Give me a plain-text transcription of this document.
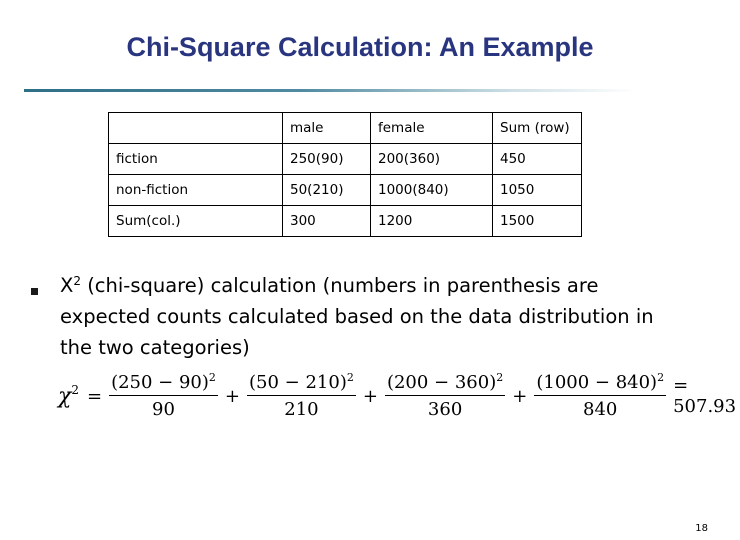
Chi-Square Calculation: An Example
	male	female	Sum (row)
fiction	250(90)	200(360)	450
non-fiction	50(210)	1000(840)	1050
Sum(col.)	300	1200	1500
$X^2$ (chi-square) calculation (numbers in parenthesis are expected counts calculated based on the data distribution in the two categories)
$\chi^2 = \frac{(250 - 90)^2}{90} + \frac{(50 - 210)^2}{210} + \frac{(200 - 360)^2}{360} + \frac{(1000 - 840)^2}{840} = 507.93$
18
